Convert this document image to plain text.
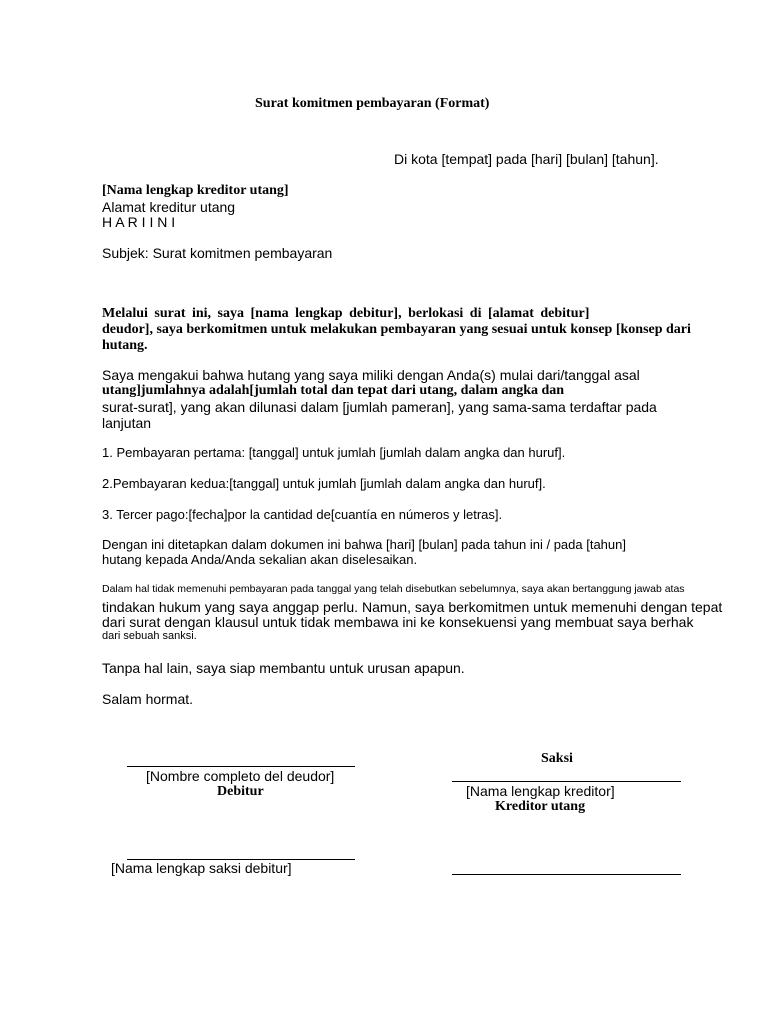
Surat komitmen pembayaran (Format)
Di kota [tempat] pada [hari] [bulan] [tahun].
[Nama lengkap kreditor utang]
Alamat kreditur utang
H A R I I N I
Subjek: Surat komitmen pembayaran
Melalui surat ini, saya [nama lengkap debitur], berlokasi di [alamat debitur]
deudor], saya berkomitmen untuk melakukan pembayaran yang sesuai untuk konsep [konsep dari
hutang.
Saya mengakui bahwa hutang yang saya miliki dengan Anda(s) mulai dari/tanggal asal
utang]jumlahnya adalah[jumlah total dan tepat dari utang, dalam angka dan
surat-surat], yang akan dilunasi dalam [jumlah pameran], yang sama-sama terdaftar pada
lanjutan
1. Pembayaran pertama: [tanggal] untuk jumlah [jumlah dalam angka dan huruf].
2.Pembayaran kedua:[tanggal] untuk jumlah [jumlah dalam angka dan huruf].
3. Tercer pago:[fecha]por la cantidad de[cuantía en números y letras].
Dengan ini ditetapkan dalam dokumen ini bahwa [hari] [bulan] pada tahun ini / pada [tahun]
hutang kepada Anda/Anda sekalian akan diselesaikan.
Dalam hal tidak memenuhi pembayaran pada tanggal yang telah disebutkan sebelumnya, saya akan bertanggung jawab atas
tindakan hukum yang saya anggap perlu. Namun, saya berkomitmen untuk memenuhi dengan tepat
dari surat dengan klausul untuk tidak membawa ini ke konsekuensi yang membuat saya berhak
dari sebuah sanksi.
Tanpa hal lain, saya siap membantu untuk urusan apapun.
Salam hormat.
Saksi
[Nombre completo del deudor]
Debitur	[Nama lengkap kreditor]
Kreditor utang
[Nama lengkap saksi debitur]
